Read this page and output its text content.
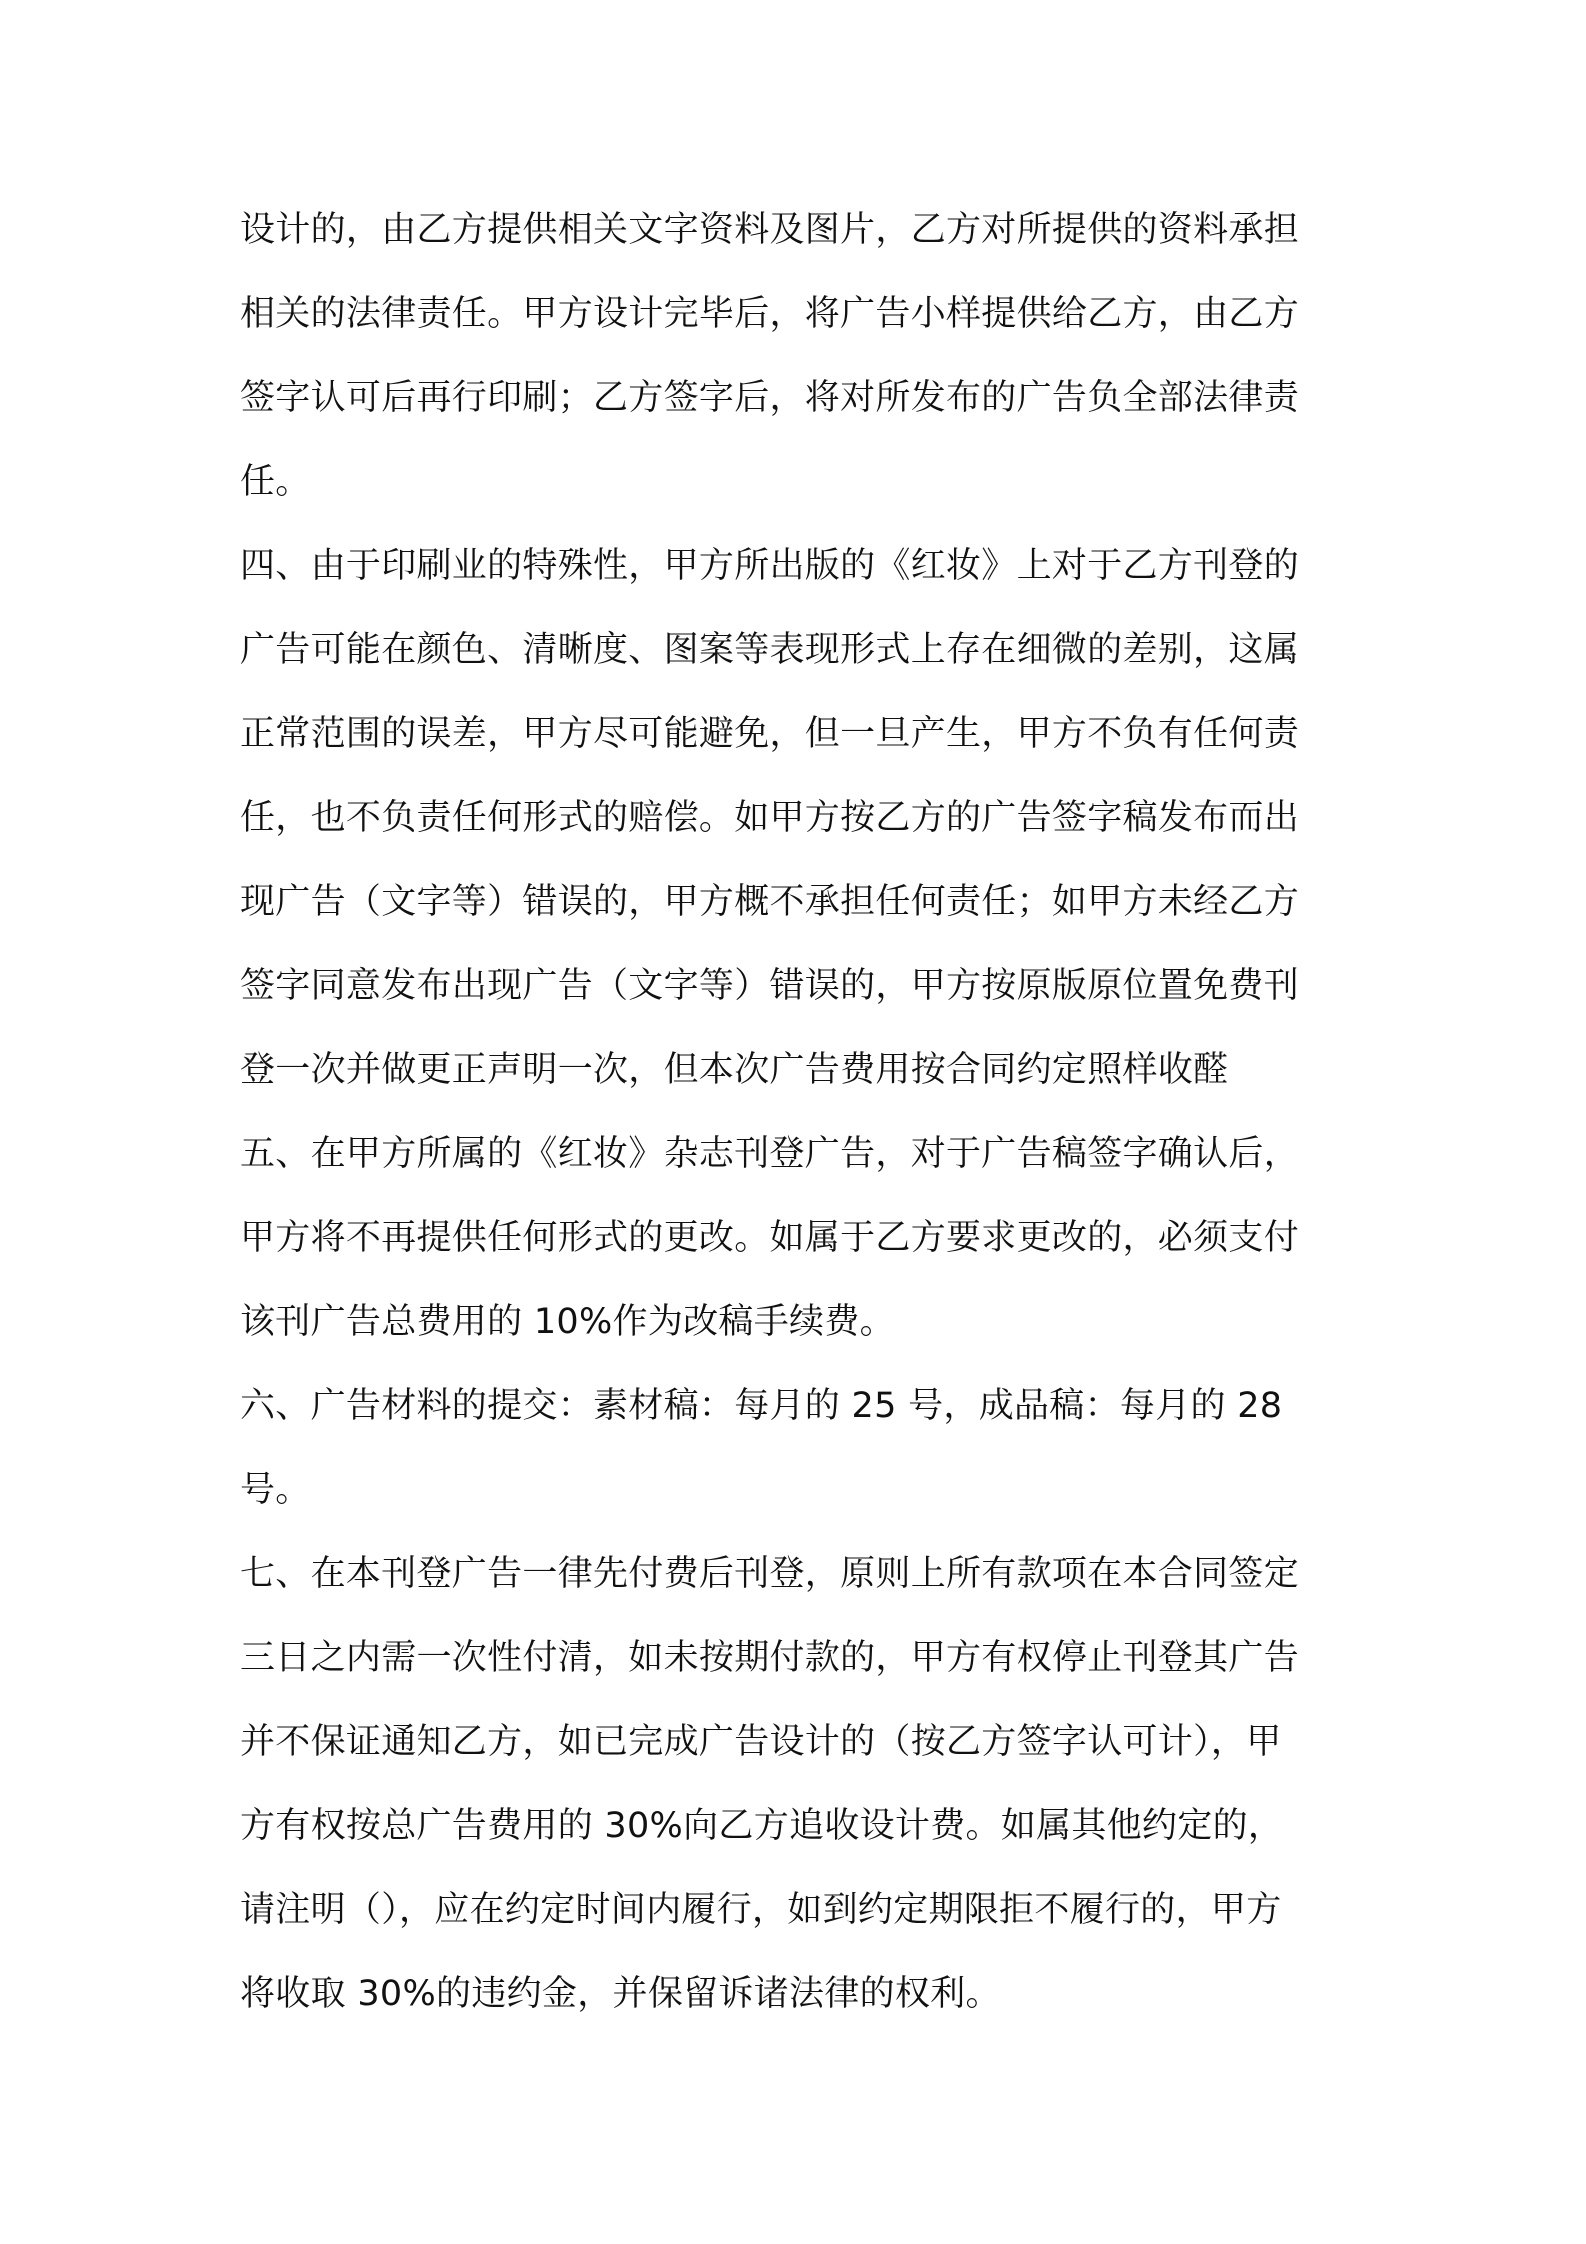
设计的，由乙方提供相关文字资料及图片，乙方对所提供的资料承担
相关的法律责任。甲方设计完毕后，将广告小样提供给乙方，由乙方
签字认可后再行印刷；乙方签字后，将对所发布的广告负全部法律责
任。
四、由于印刷业的特殊性，甲方所出版的《红妆》上对于乙方刊登的
广告可能在颜色、清晰度、图案等表现形式上存在细微的差别，这属
正常范围的误差，甲方尽可能避免，但一旦产生，甲方不负有任何责
任，也不负责任何形式的赔偿。如甲方按乙方的广告签字稿发布而出
现广告（文字等）错误的，甲方概不承担任何责任；如甲方未经乙方
签字同意发布出现广告（文字等）错误的，甲方按原版原位置免费刊
登一次并做更正声明一次，但本次广告费用按合同约定照样收醛
五、在甲方所属的《红妆》杂志刊登广告，对于广告稿签字确认后，
甲方将不再提供任何形式的更改。如属于乙方要求更改的，必须支付
该刊广告总费用的 10%作为改稿手续费。
六、广告材料的提交：素材稿：每月的 25 号，成品稿：每月的 28
号。
七、在本刊登广告一律先付费后刊登，原则上所有款项在本合同签定
三日之内需一次性付清，如未按期付款的，甲方有权停止刊登其广告
并不保证通知乙方，如已完成广告设计的（按乙方签字认可计），甲
方有权按总广告费用的 30%向乙方追收设计费。如属其他约定的，
请注明（），应在约定时间内履行，如到约定期限拒不履行的，甲方
将收取 30%的违约金，并保留诉诸法律的权利。
